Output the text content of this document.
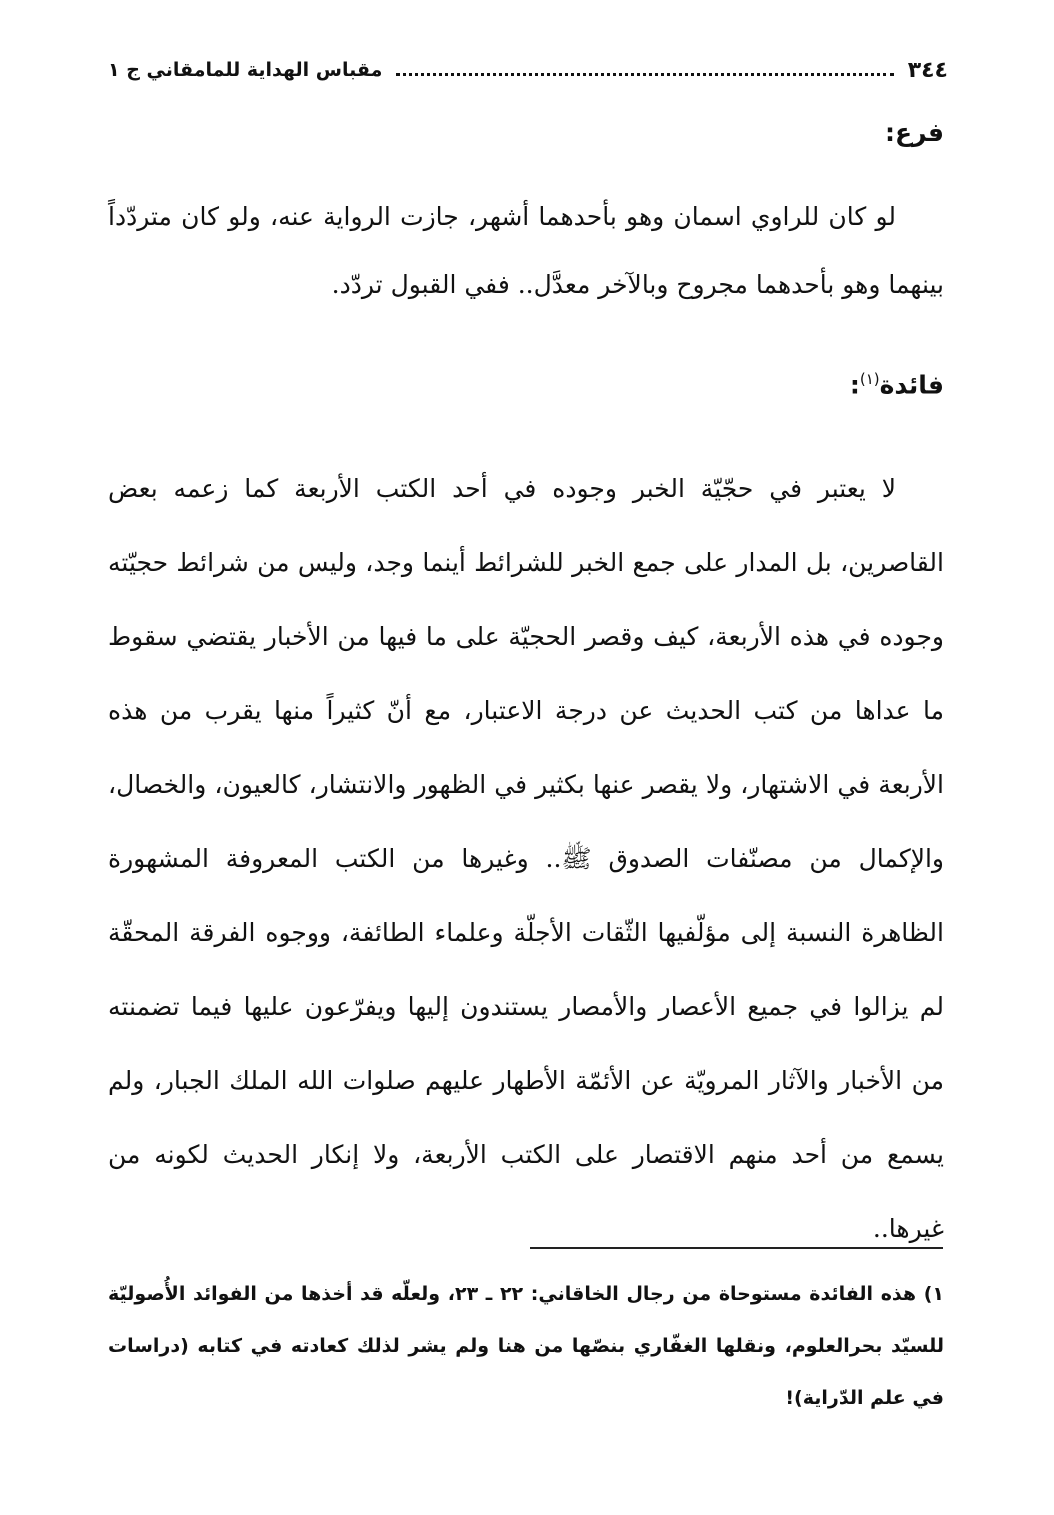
٣٤٤
مقباس الهداية للمامقاني ج ١
فرع:
لو كان للراوي اسمان وهو بأحدهما أشهر، جازت الرواية عنه، ولو كان متردّداً بينهما وهو بأحدهما مجروح وبالآخر معدَّل.. ففي القبول تردّد.
فائدة$^{(١)}$:
لا يعتبر في حجّيّة الخبر وجوده في أحد الكتب الأربعة كما زعمه بعض القاصرين، بل المدار على جمع الخبر للشرائط أينما وجد، وليس من شرائط حجيّته وجوده في هذه الأربعة، كيف وقصر الحجيّة على ما فيها من الأخبار يقتضي سقوط ما عداها من كتب الحديث عن درجة الاعتبار، مع أنّ كثيراً منها يقرب من هذه الأربعة في الاشتهار، ولا يقصر عنها بكثير في الظهور والانتشار، كالعيون، والخصال، والإكمال من مصنّفات الصدوق ﷺ.. وغيرها من الكتب المعروفة المشهورة الظاهرة النسبة إلى مؤلّفيها الثّقات الأجلّة وعلماء الطائفة، ووجوه الفرقة المحقّة لم يزالوا في جميع الأعصار والأمصار يستندون إليها ويفرّعون عليها فيما تضمنته من الأخبار والآثار المرويّة عن الأئمّة الأطهار عليهم صلوات الله الملك الجبار، ولم يسمع من أحد منهم الاقتصار على الكتب الأربعة، ولا إنكار الحديث لكونه من غيرها..
١) هذه الفائدة مستوحاة من رجال الخاقاني: ٢٢ ـ ٢٣، ولعلّه قد أخذها من الفوائد الأُصوليّة للسيّد بحرالعلوم، ونقلها الغفّاري بنصّها من هنا ولم يشر لذلك كعادته في كتابه (دراسات في علم الدّراية)!
